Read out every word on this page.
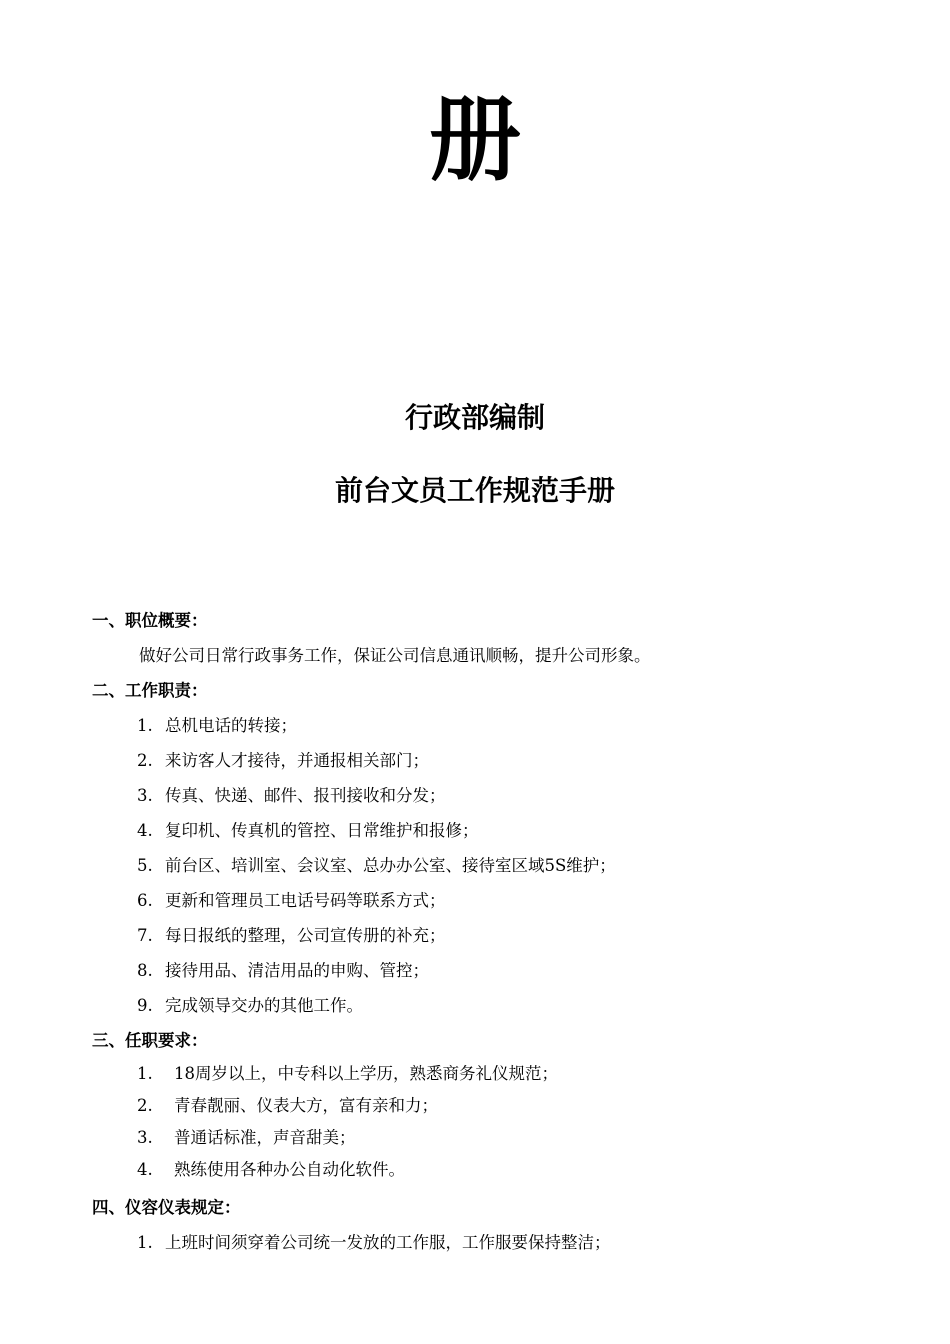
册
行政部编制
前台文员工作规范手册
一、职位概要：
做好公司日常行政事务工作，保证公司信息通讯顺畅，提升公司形象。
二、工作职责：
1. 总机电话的转接；
2. 来访客人才接待，并通报相关部门；
3. 传真、快递、邮件、报刊接收和分发；
4. 复印机、传真机的管控、日常维护和报修；
5. 前台区、培训室、会议室、总办办公室、接待室区域5S维护；
6. 更新和管理员工电话号码等联系方式；
7. 每日报纸的整理，公司宣传册的补充；
8. 接待用品、清洁用品的申购、管控；
9. 完成领导交办的其他工作。
三、任职要求：
1. 18周岁以上，中专科以上学历，熟悉商务礼仪规范；
2. 青春靓丽、仪表大方，富有亲和力；
3. 普通话标准，声音甜美；
4. 熟练使用各种办公自动化软件。
四、仪容仪表规定：
1. 上班时间须穿着公司统一发放的工作服，工作服要保持整洁；
